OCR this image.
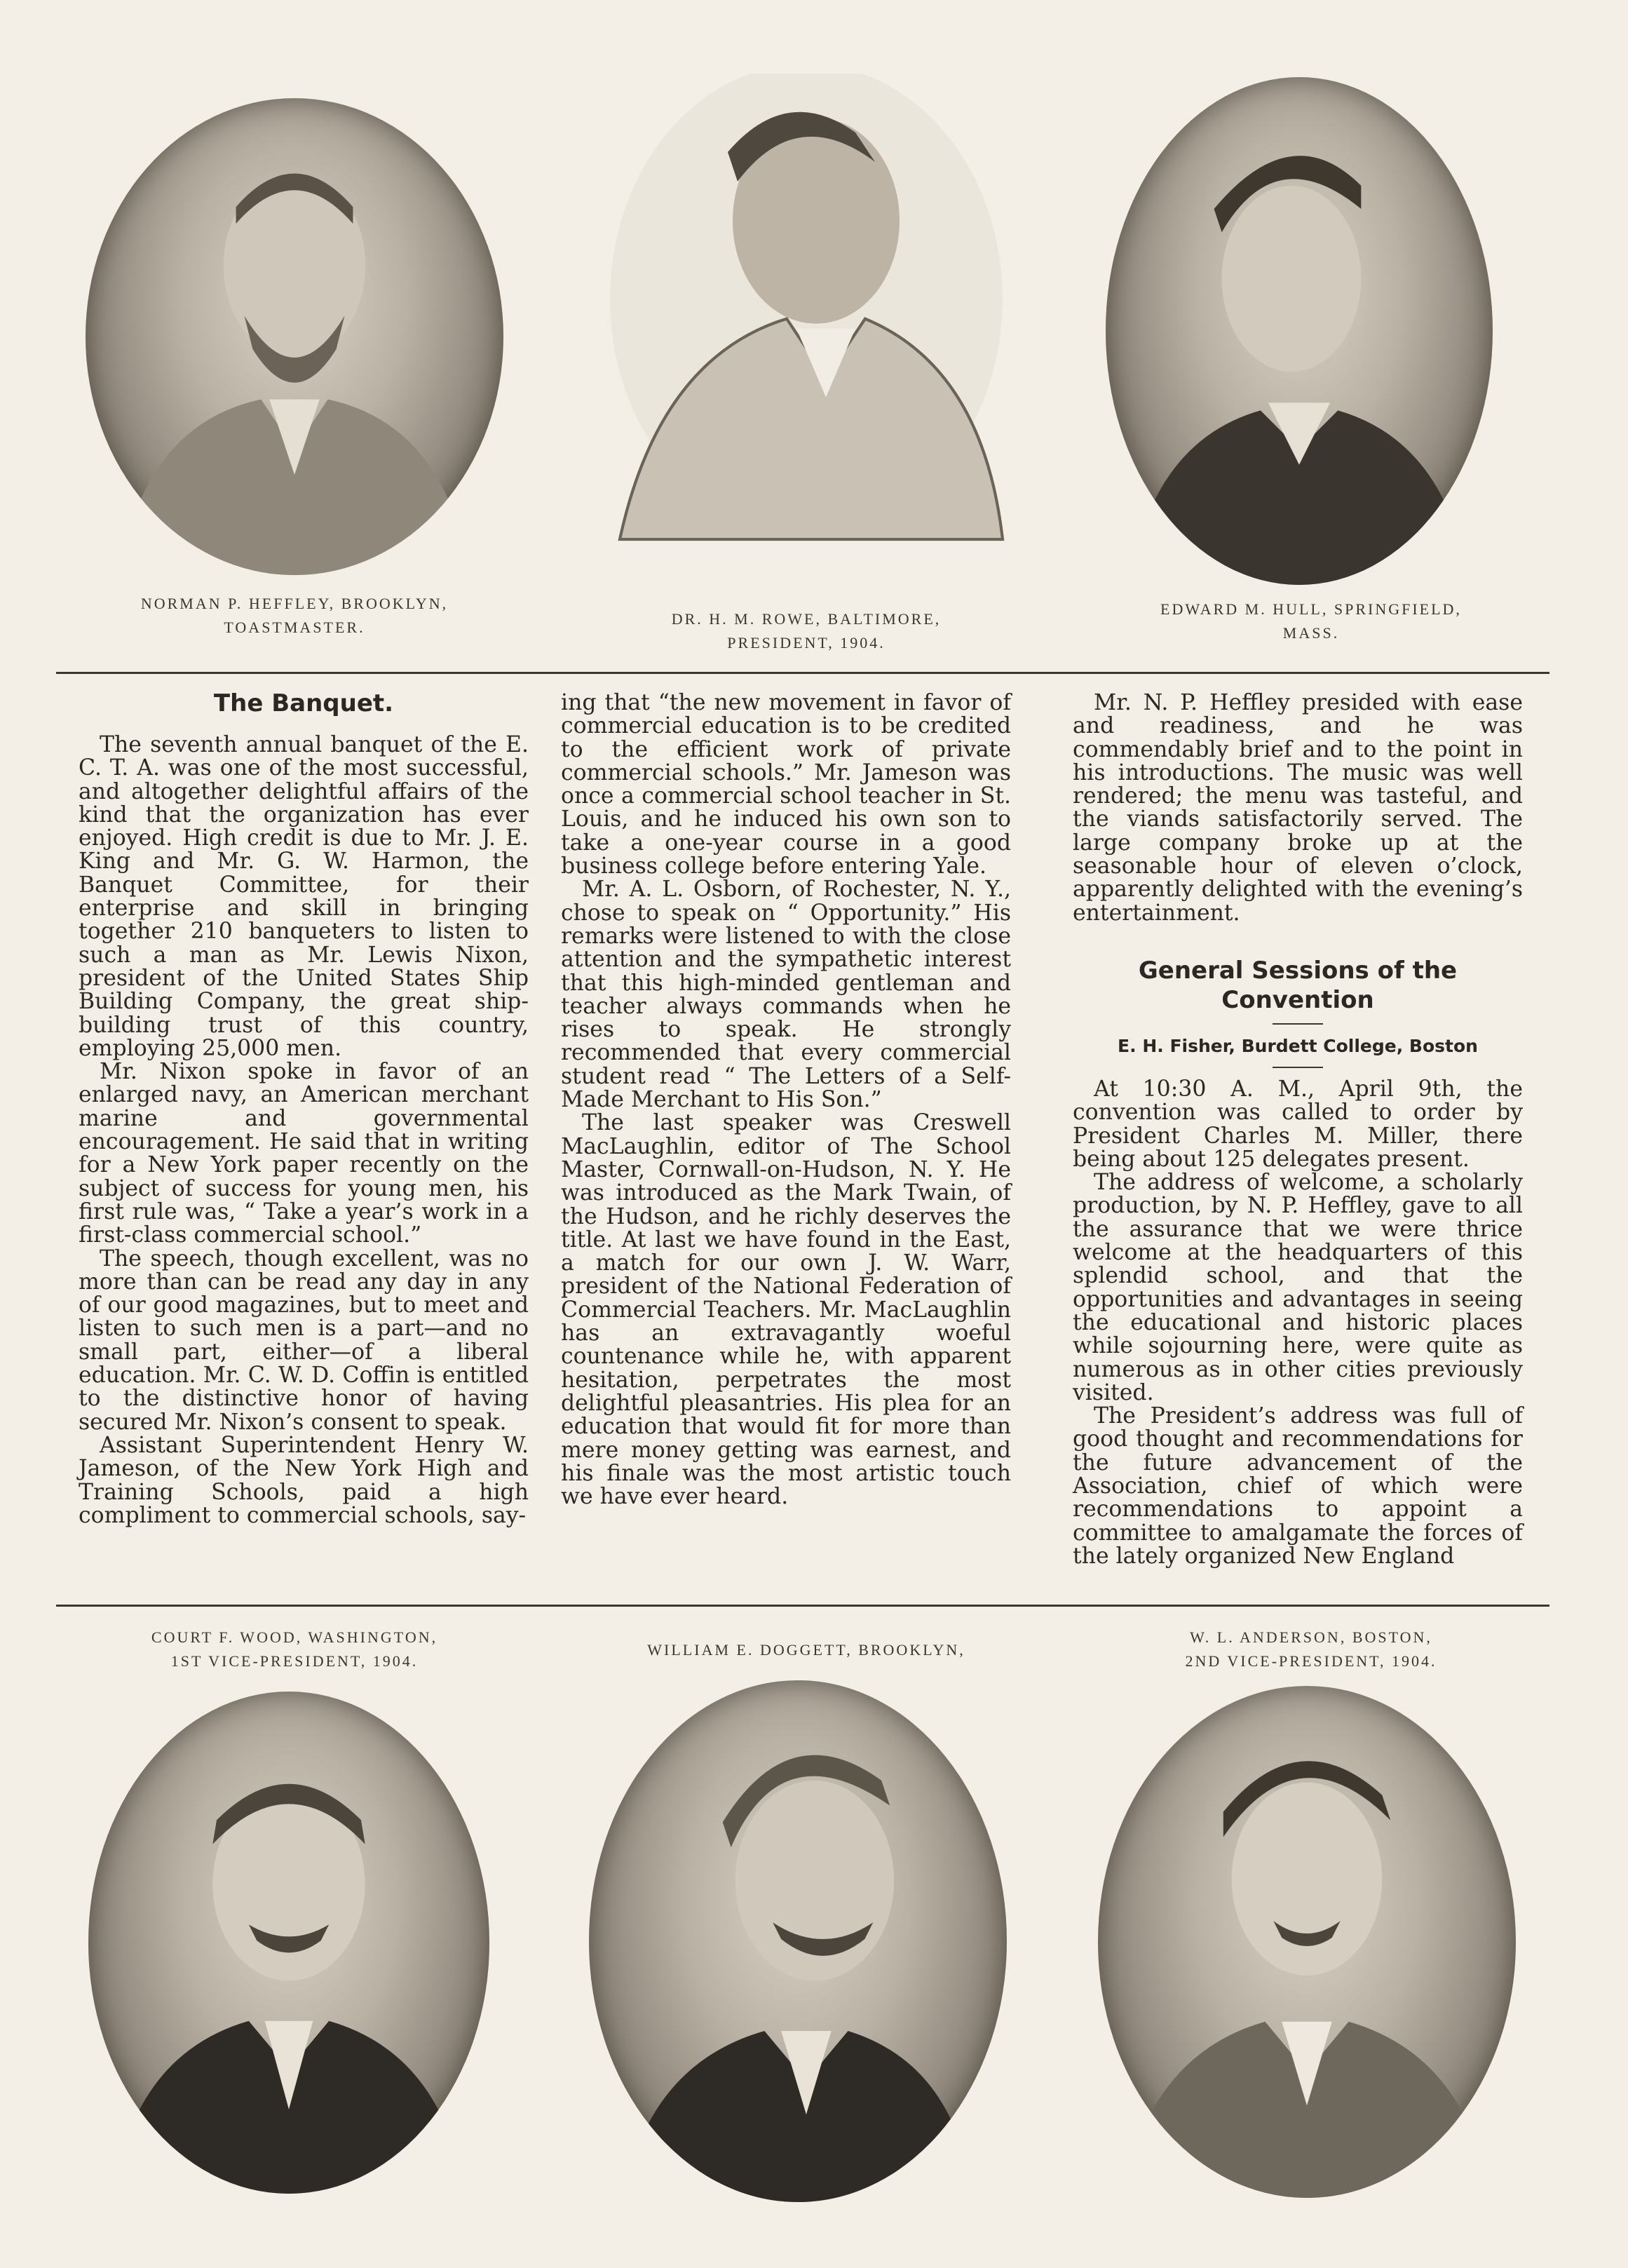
NORMAN P. HEFFLEY, BROOKLYN,
TOASTMASTER.	DR. H. M. ROWE, BALTIMORE,
PRESIDENT, 1904.
EDWARD M. HULL, SPRINGFIELD,
MASS.
The Banquet.

The seventh annual banquet of the E. C. T. A. was one of the most successful, and altogether delightful affairs of the kind that the organization has ever enjoyed. High credit is due to Mr. J. E. King and Mr. G. W. Harmon, the Banquet Committee, for their enterprise and skill in bringing together 210 banqueters to listen to such a man as Mr. Lewis Nixon, president of the United States Ship Building Company, the great ship-building trust of this country, employing 25,000 men.

Mr. Nixon spoke in favor of an enlarged navy, an American merchant marine and governmental encouragement. He said that in writing for a New York paper recently on the subject of success for young men, his first rule was, “ Take a year’s work in a first-class commercial school.”

The speech, though excellent, was no more than can be read any day in any of our good magazines, but to meet and listen to such men is a part—and no small part, either—of a liberal education. Mr. C. W. D. Coffin is entitled to the distinctive honor of having secured Mr. Nixon’s consent to speak.

Assistant Superintendent Henry W. Jameson, of the New York High and Training Schools, paid a high compliment to commercial schools, say-

ing that “the new movement in favor of commercial education is to be credited to the efficient work of private commercial schools.” Mr. Jameson was once a commercial school teacher in St. Louis, and he induced his own son to take a one-year course in a good business college before entering Yale.

Mr. A. L. Osborn, of Rochester, N. Y., chose to speak on “ Opportunity.” His remarks were listened to with the close attention and the sympathetic interest that this high-minded gentleman and teacher always commands when he rises to speak. He strongly recommended that every commercial student read “ The Letters of a Self-Made Merchant to His Son.”

The last speaker was Creswell MacLaughlin, editor of The School Master, Cornwall-on-Hudson, N. Y. He was introduced as the Mark Twain, of the Hudson, and he richly deserves the title. At last we have found in the East, a match for our own J. W. Warr, president of the National Federation of Commercial Teachers. Mr. MacLaughlin has an extravagantly woeful countenance while he, with apparent hesitation, perpetrates the most delightful pleasantries. His plea for an education that would fit for more than mere money getting was earnest, and his finale was the most artistic touch we have ever heard.

Mr. N. P. Heffley presided with ease and readiness, and he was commendably brief and to the point in his introductions. The music was well rendered; the menu was tasteful, and the viands satisfactorily served. The large company broke up at the seasonable hour of eleven o’clock, apparently delighted with the evening’s entertainment.

General Sessions of the Convention
E. H. Fisher, Burdett College, Boston

At 10:30 A. M., April 9th, the convention was called to order by President Charles M. Miller, there being about 125 delegates present.

The address of welcome, a scholarly production, by N. P. Heffley, gave to all the assurance that we were thrice welcome at the headquarters of this splendid school, and that the opportunities and advantages in seeing the educational and historic places while sojourning here, were quite as numerous as in other cities previously visited.

The President’s address was full of good thought and recommendations for the future advancement of the Association, chief of which were recommendations to appoint a committee to amalgamate the forces of the lately organized New England

COURT F. WOOD, WASHINGTON,
1ST VICE-PRESIDENT, 1904.
WILLIAM E. DOGGETT, BROOKLYN,
W. L. ANDERSON, BOSTON,
2ND VICE-PRESIDENT, 1904.
